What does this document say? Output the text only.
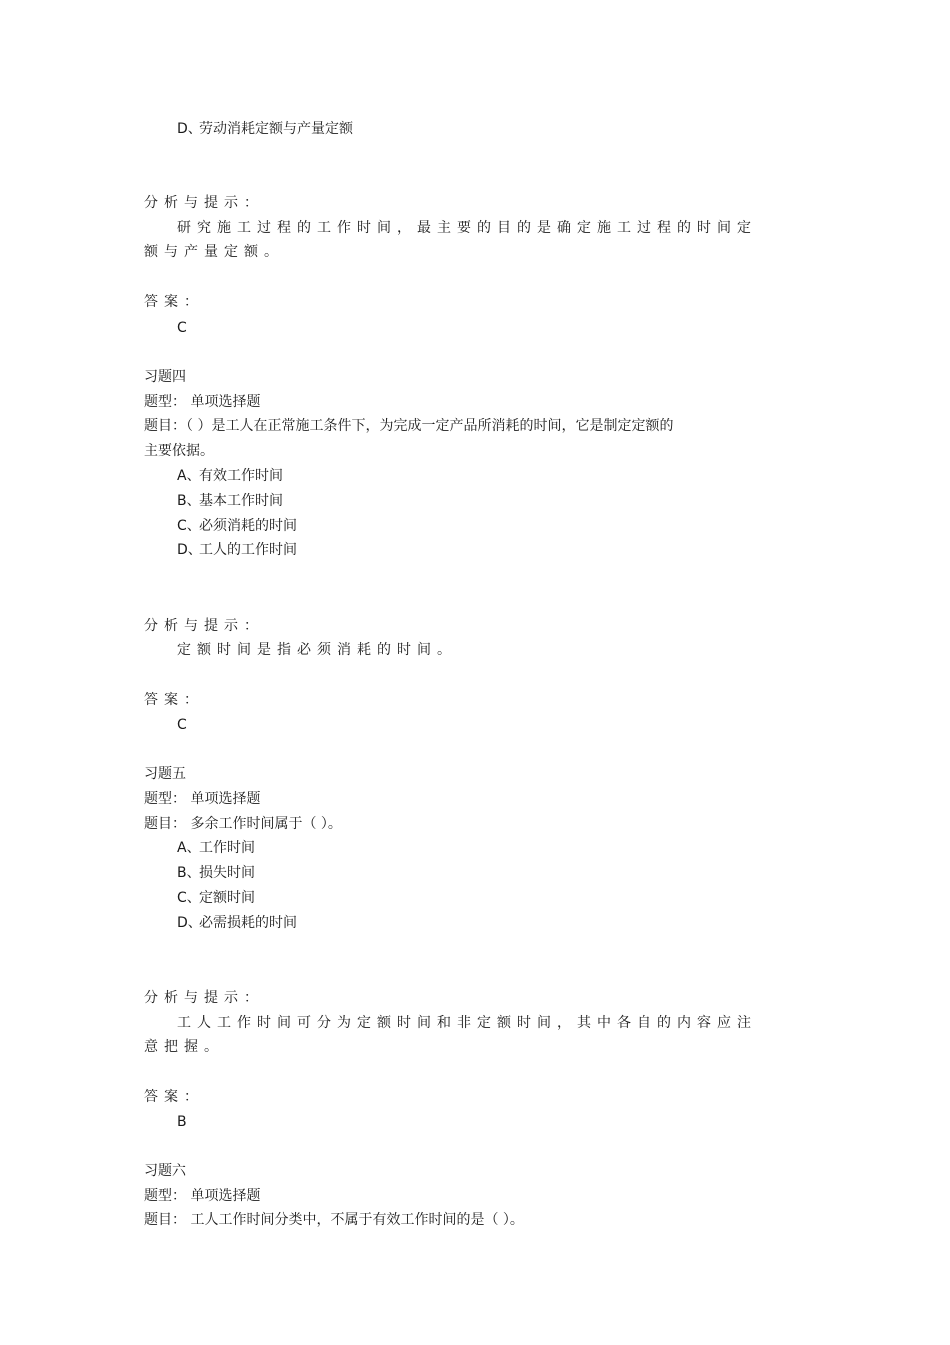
D、劳动消耗定额与产量定额
分析与提示：
研究施工过程的工作时间，最主要的目的是确定施工过程的时间定
额与产量定额。
答案：
C
习题四
题型： 单项选择题
题目：（ ）是工人在正常施工条件下，为完成一定产品所消耗的时间，它是制定定额的
主要依据。
A、有效工作时间
B、基本工作时间
C、必须消耗的时间
D、工人的工作时间
分析与提示：
定额时间是指必须消耗的时间。
答案：
C
习题五
题型： 单项选择题
题目： 多余工作时间属于（ ）。
A、工作时间
B、损失时间
C、定额时间
D、必需损耗的时间
分析与提示：
工人工作时间可分为定额时间和非定额时间，其中各自的内容应注
意把握。
答案：
B
习题六
题型： 单项选择题
题目： 工人工作时间分类中，不属于有效工作时间的是（ ）。
